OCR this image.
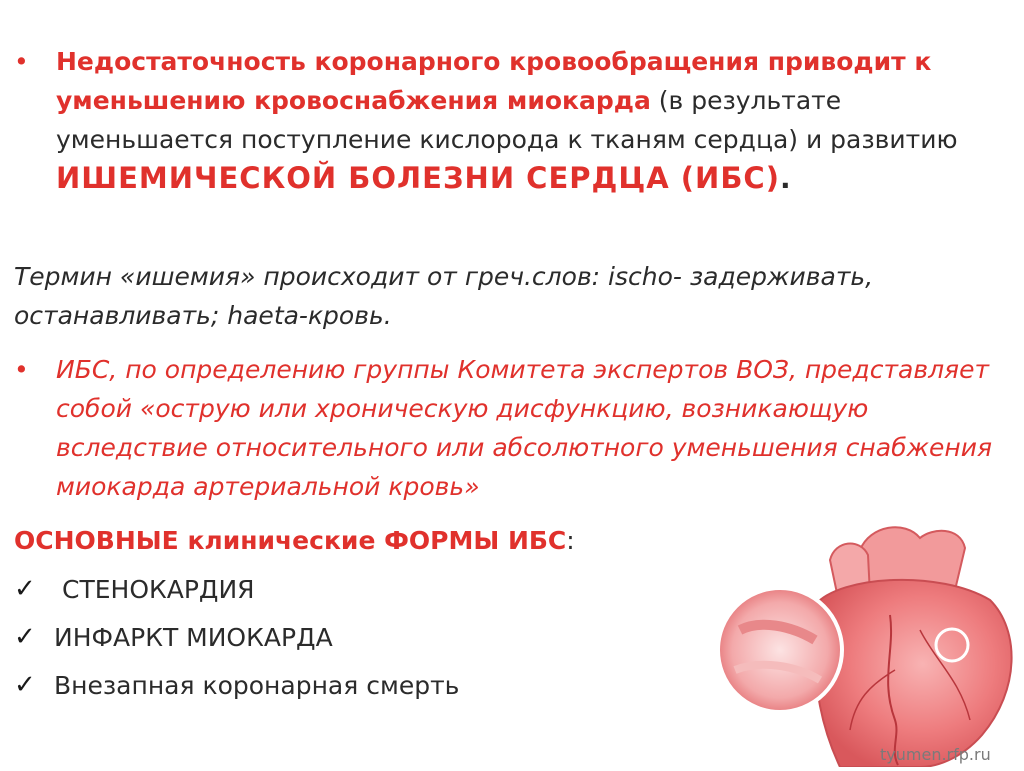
•	Недостаточность коронарного кровообращения приводит к уменьшению кровоснабжения миокарда (в результате уменьшается поступление кислорода к тканям сердца) и развитию ИШЕМИЧЕСКОЙ БОЛЕЗНИ СЕРДЦА (ИБС).

Термин «ишемия» происходит от греч.слов: ischo- задерживать, останавливать; haeta-кровь.

•	ИБС, по определению группы Комитета экспертов ВОЗ, представляет собой «острую или хроническую дисфункцию, возникающую вследствие относительного или абсолютного уменьшения снабжения миокарда артериальной кровь»
ОСНОВНЫЕ клинические ФОРМЫ ИБС:
✓	СТЕНОКАРДИЯ
✓ ИНФАРКТ МИОКАРДА
✓ Внезапная коронарная смерть
tyumen.rfp.ru
